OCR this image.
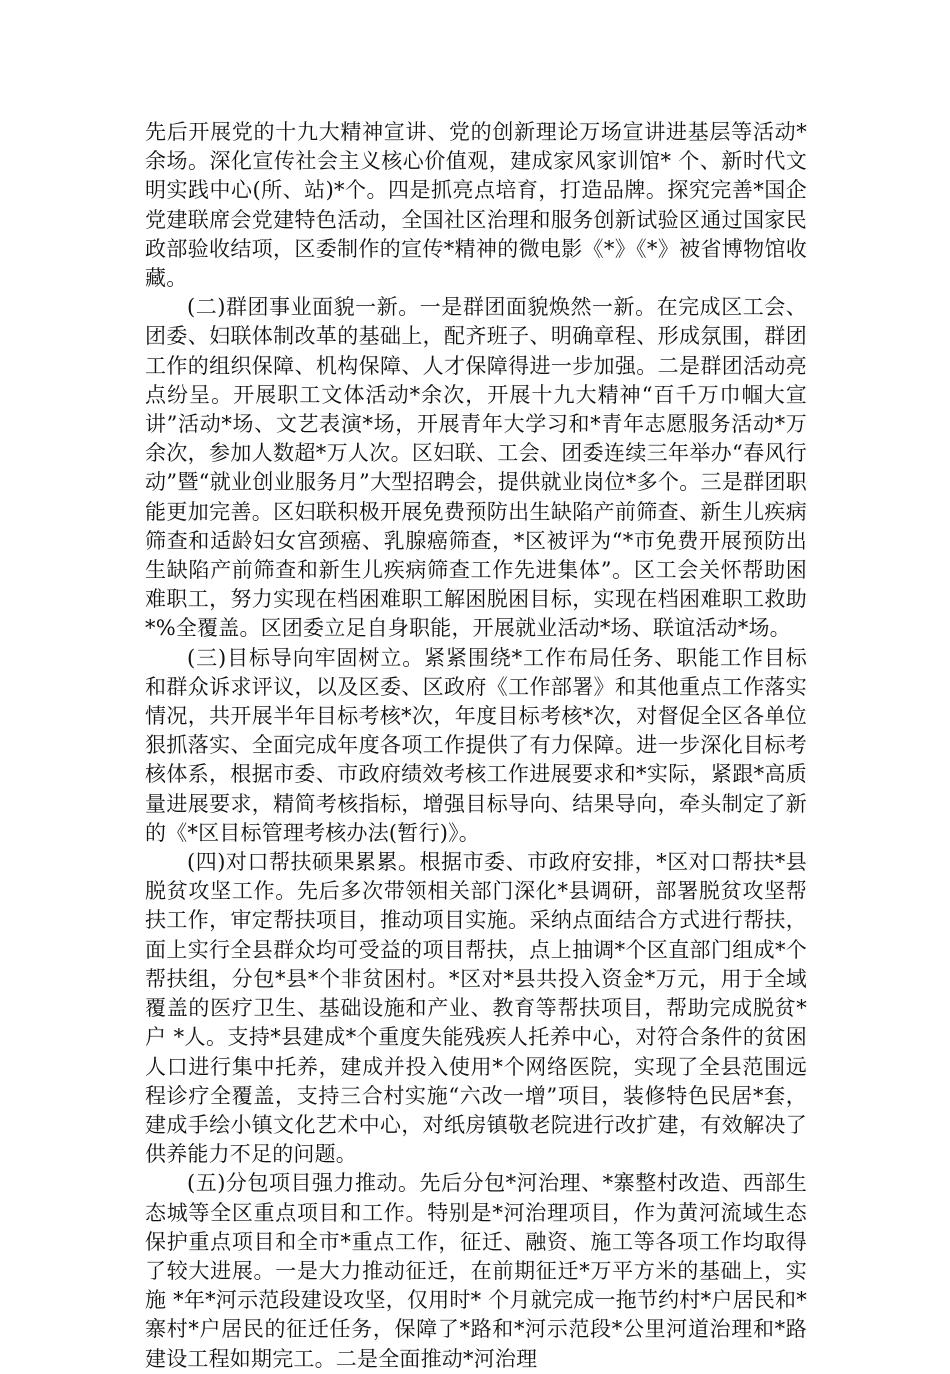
先后开展党的十九大精神宣讲、党的创新理论万场宣讲进基层等活动* 余场。深化宣传社会主义核心价值观，建成家风家训馆* 个、新时代文明实践中心(所、站)*个。四是抓亮点培育，打造品牌。探究完善*国企党建联席会党建特色活动，全国社区治理和服务创新试验区通过国家民政部验收结项，区委制作的宣传*精神的微电影《*》《*》被省博物馆收藏。

(二)群团事业面貌一新。一是群团面貌焕然一新。在完成区工会、团委、妇联体制改革的基础上，配齐班子、明确章程、形成氛围，群团工作的组织保障、机构保障、人才保障得进一步加强。二是群团活动亮点纷呈。开展职工文体活动*余次，开展十九大精神“百千万巾帼大宣讲”活动*场、文艺表演*场，开展青年大学习和*青年志愿服务活动*万余次，参加人数超*万人次。区妇联、工会、团委连续三年举办“春风行动”暨“就业创业服务月”大型招聘会，提供就业岗位*多个。三是群团职能更加完善。区妇联积极开展免费预防出生缺陷产前筛查、新生儿疾病筛查和适龄妇女宫颈癌、乳腺癌筛查，*区被评为“*市免费开展预防出生缺陷产前筛查和新生儿疾病筛查工作先进集体”。区工会关怀帮助困难职工，努力实现在档困难职工解困脱困目标，实现在档困难职工救助*%全覆盖。区团委立足自身职能，开展就业活动*场、联谊活动*场。

(三)目标导向牢固树立。紧紧围绕*工作布局任务、职能工作目标和群众诉求评议，以及区委、区政府《工作部署》和其他重点工作落实情况，共开展半年目标考核*次，年度目标考核*次，对督促全区各单位狠抓落实、全面完成年度各项工作提供了有力保障。进一步深化目标考核体系，根据市委、市政府绩效考核工作进展要求和*实际，紧跟*高质量进展要求，精简考核指标，增强目标导向、结果导向，牵头制定了新的《*区目标管理考核办法(暂行)》。

(四)对口帮扶硕果累累。根据市委、市政府安排，*区对口帮扶*县脱贫攻坚工作。先后多次带领相关部门深化*县调研，部署脱贫攻坚帮扶工作，审定帮扶项目，推动项目实施。采纳点面结合方式进行帮扶，面上实行全县群众均可受益的项目帮扶，点上抽调*个区直部门组成*个帮扶组，分包*县*个非贫困村。*区对*县共投入资金*万元，用于全域覆盖的医疗卫生、基础设施和产业、教育等帮扶项目，帮助完成脱贫*户 *人。支持*县建成*个重度失能残疾人托养中心，对符合条件的贫困人口进行集中托养，建成并投入使用*个网络医院，实现了全县范围远程诊疗全覆盖，支持三合村实施“六改一增”项目，装修特色民居*套，建成手绘小镇文化艺术中心，对纸房镇敬老院进行改扩建，有效解决了供养能力不足的问题。

(五)分包项目强力推动。先后分包*河治理、*寨整村改造、西部生态城等全区重点项目和工作。特别是*河治理项目，作为黄河流域生态保护重点项目和全市*重点工作，征迁、融资、施工等各项工作均取得了较大进展。一是大力推动征迁，在前期征迁*万平方米的基础上，实施 *年*河示范段建设攻坚，仅用时* 个月就完成一拖节约村*户居民和*寨村*户居民的征迁任务，保障了*路和*河示范段*公里河道治理和*路建设工程如期完工。二是全面推动*河治理
